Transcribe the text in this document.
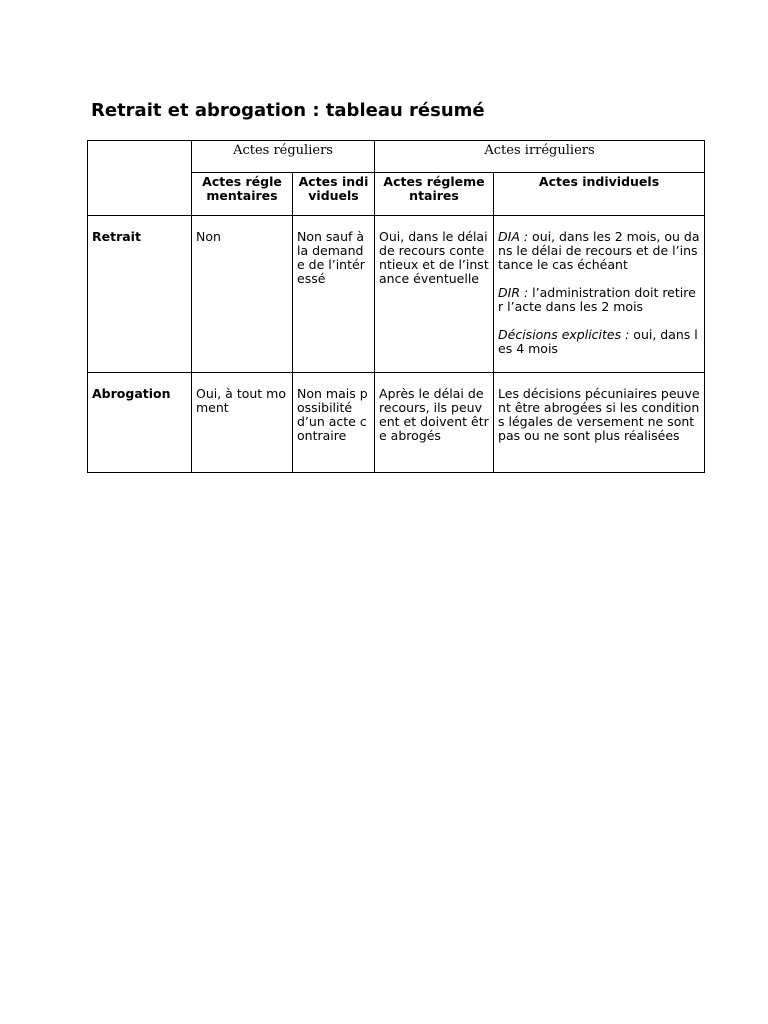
Retrait et abrogation : tableau résumé
	Actes réguliers		Actes irréguliers	
	Actes réglementaires	Actes individuels	Actes réglementaires	Actes individuels
Retrait	Non	Non sauf à la demande de l’intéressé	Oui, dans le délai de recours contentieux et de l’instance éventuelle	DIA : oui, dans les 2 mois, ou dans le délai de recours et de l’instance le cas échéant

DIR : l’administration doit retirer l’acte dans les 2 mois

Décisions explicites : oui, dans les 4 mois

Abrogation	Oui, à tout moment	Non mais possibilité d’un acte contraire	Après le délai de recours, ils peuvent et doivent être abrogés	Les décisions pécuniaires peuvent être abrogées si les conditions légales de versement ne sont pas ou ne sont plus réalisées
